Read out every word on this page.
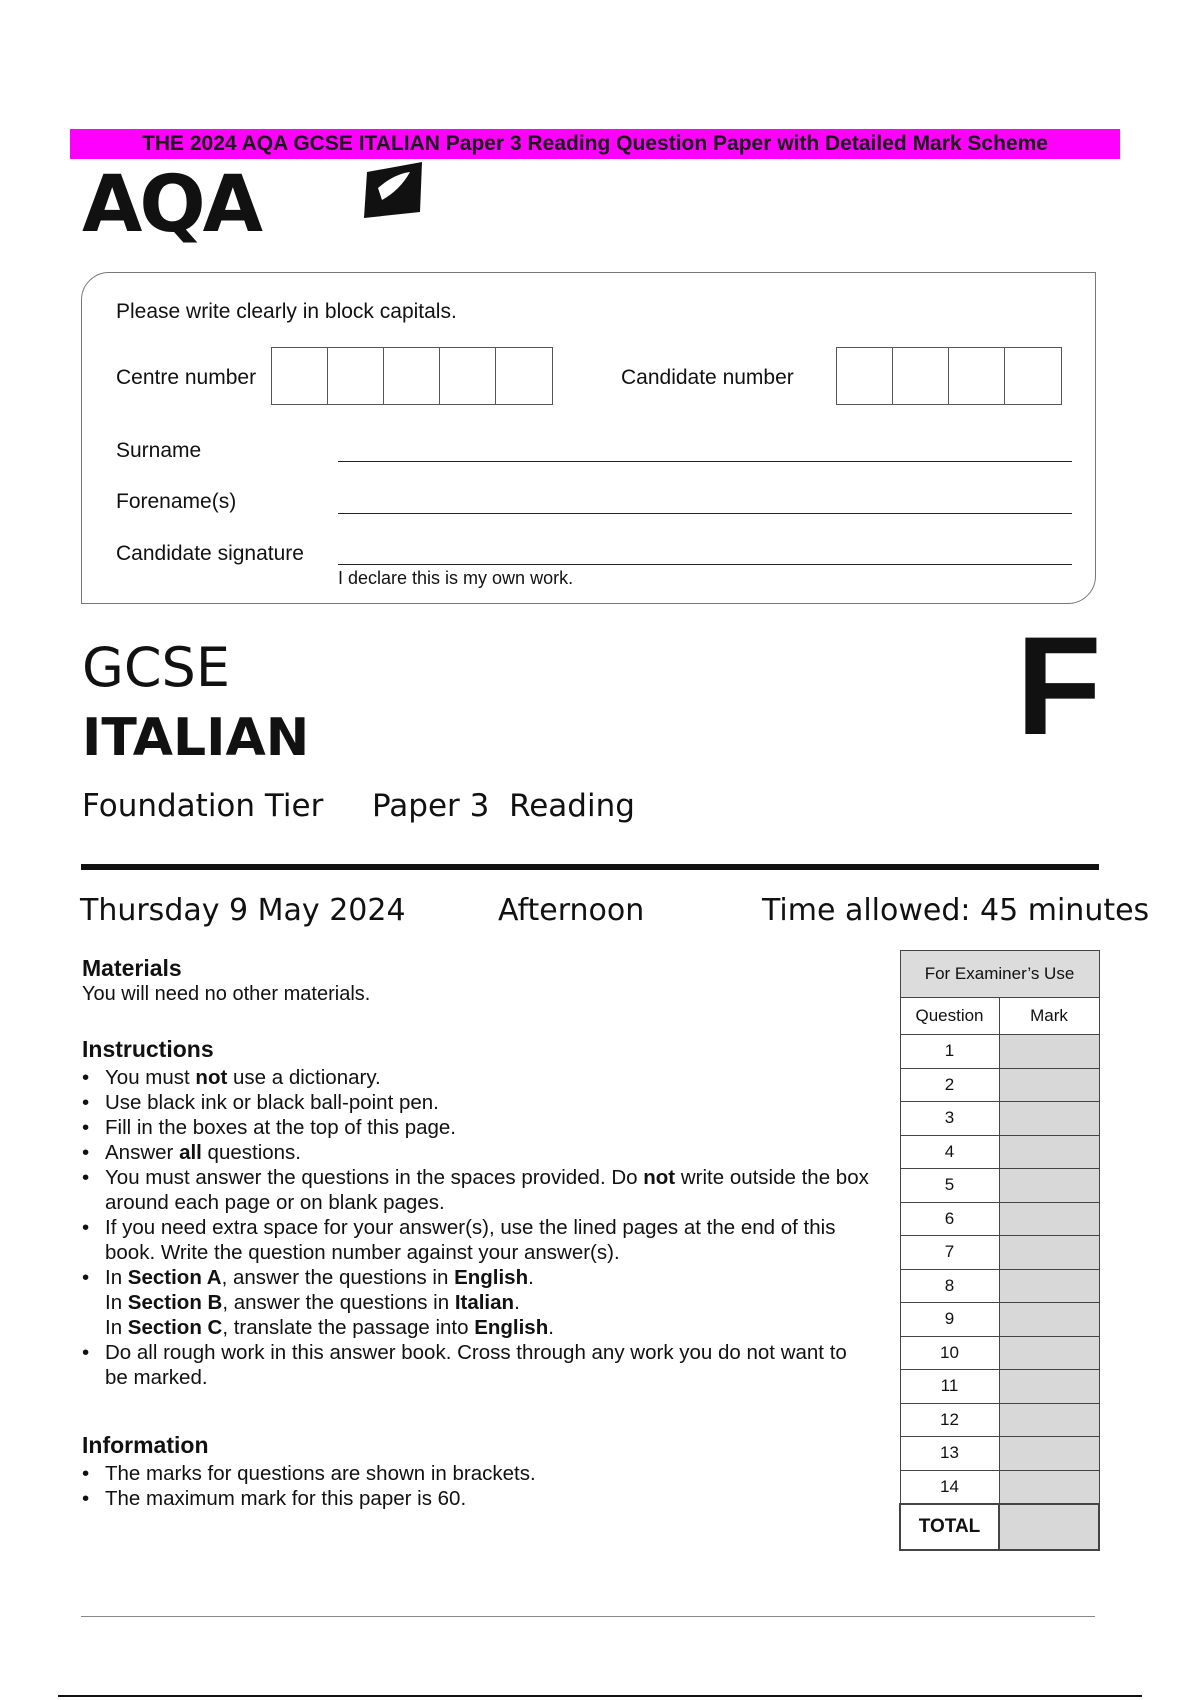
THE 2024 AQA GCSE ITALIAN Paper 3 Reading Question Paper with Detailed Mark Scheme
AQA
Please write clearly in block capitals.
Centre number	Candidate number
Surname
Forename(s)
Candidate signature
I declare this is my own work.
GCSE
ITALIAN	F
Foundation Tier Paper 3  Reading
Thursday 9 May 2024	Afternoon	Time allowed: 45 minutes
Materials
You will need no other materials.
Instructions
• You must not use a dictionary.
• Use black ink or black ball-point pen.
• Fill in the boxes at the top of this page.
• Answer all questions.
• You must answer the questions in the spaces provided. Do not write outside the box around each page or on blank pages.
• If you need extra space for your answer(s), use the lined pages at the end of this book. Write the question number against your answer(s).
• In Section A, answer the questions in English.
In Section B, answer the questions in Italian.
In Section C, translate the passage into English.
• Do all rough work in this answer book. Cross through any work you do not want to be marked.
Information
• The marks for questions are shown in brackets.
• The maximum mark for this paper is 60.
For Examiner’s Use	
Question	Mark
1	
2	
3	
4	
5	
6	
7	
8	
9	
10	
11	
12	
13	
14	
TOTAL	
